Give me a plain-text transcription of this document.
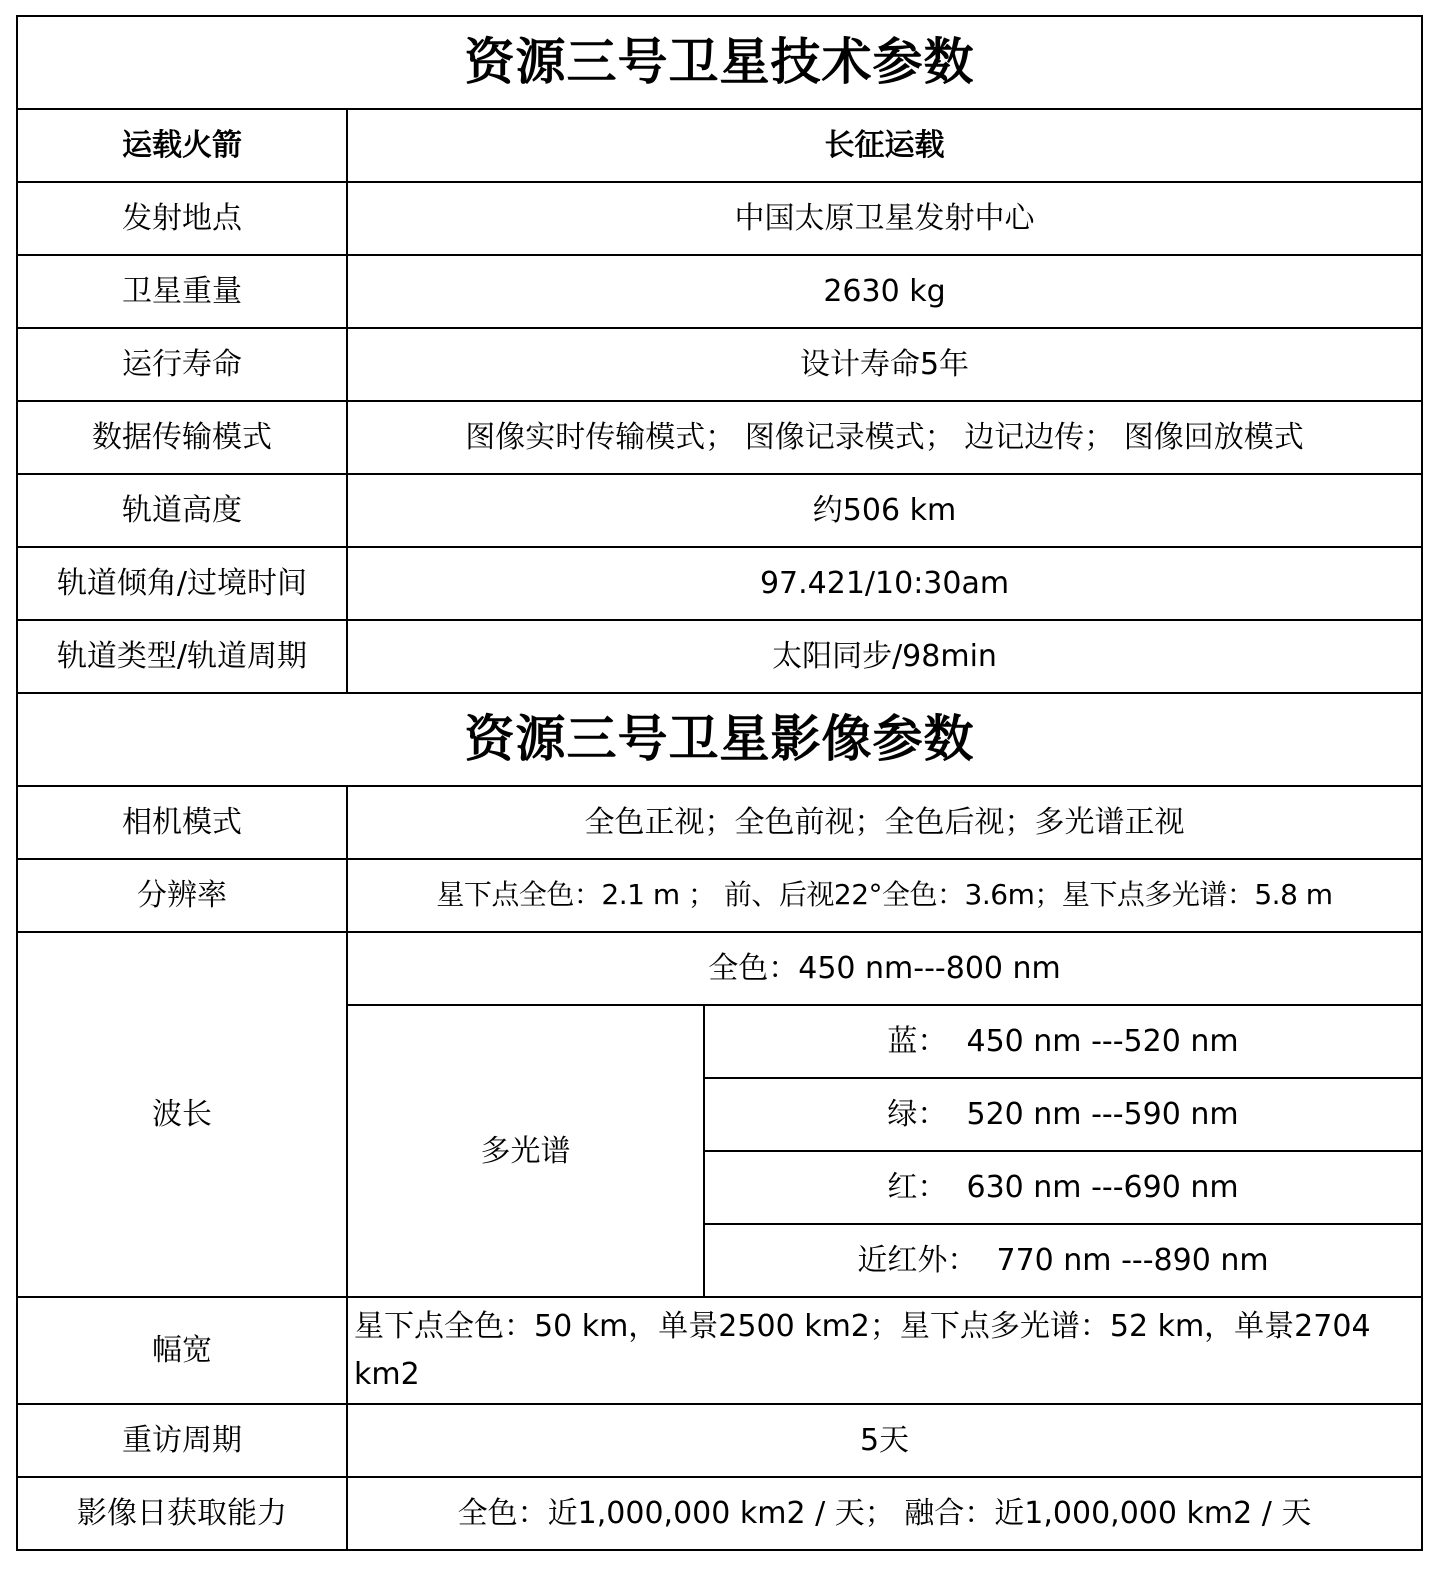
资源三号卫星技术参数		
运载火箭	长征运载	
发射地点	中国太原卫星发射中心	
卫星重量	2630 kg	
运行寿命	设计寿命5年	
数据传输模式	图像实时传输模式； 图像记录模式； 边记边传； 图像回放模式	
轨道高度	约506 km	
轨道倾角/过境时间	97.421/10:30am	
轨道类型/轨道周期	太阳同步/98min	
资源三号卫星影像参数		
相机模式	全色正视；全色前视；全色后视；多光谱正视	
分辨率	星下点全色：2.1 m ； 前、后视22°全色：3.6m；星下点多光谱：5.8 m	
波长	全色：450 nm---800 nm	
	多光谱	蓝：  450 nm ---520 nm
		绿：  520 nm ---590 nm
		红：  630 nm ---690 nm
		近红外：  770 nm ---890 nm
幅宽	星下点全色：50 km，单景2500 km2；星下点多光谱：52 km，单景2704 km2	
重访周期	5天	
影像日获取能力	全色：近1,000,000 km2 / 天； 融合：近1,000,000 km2 / 天	
